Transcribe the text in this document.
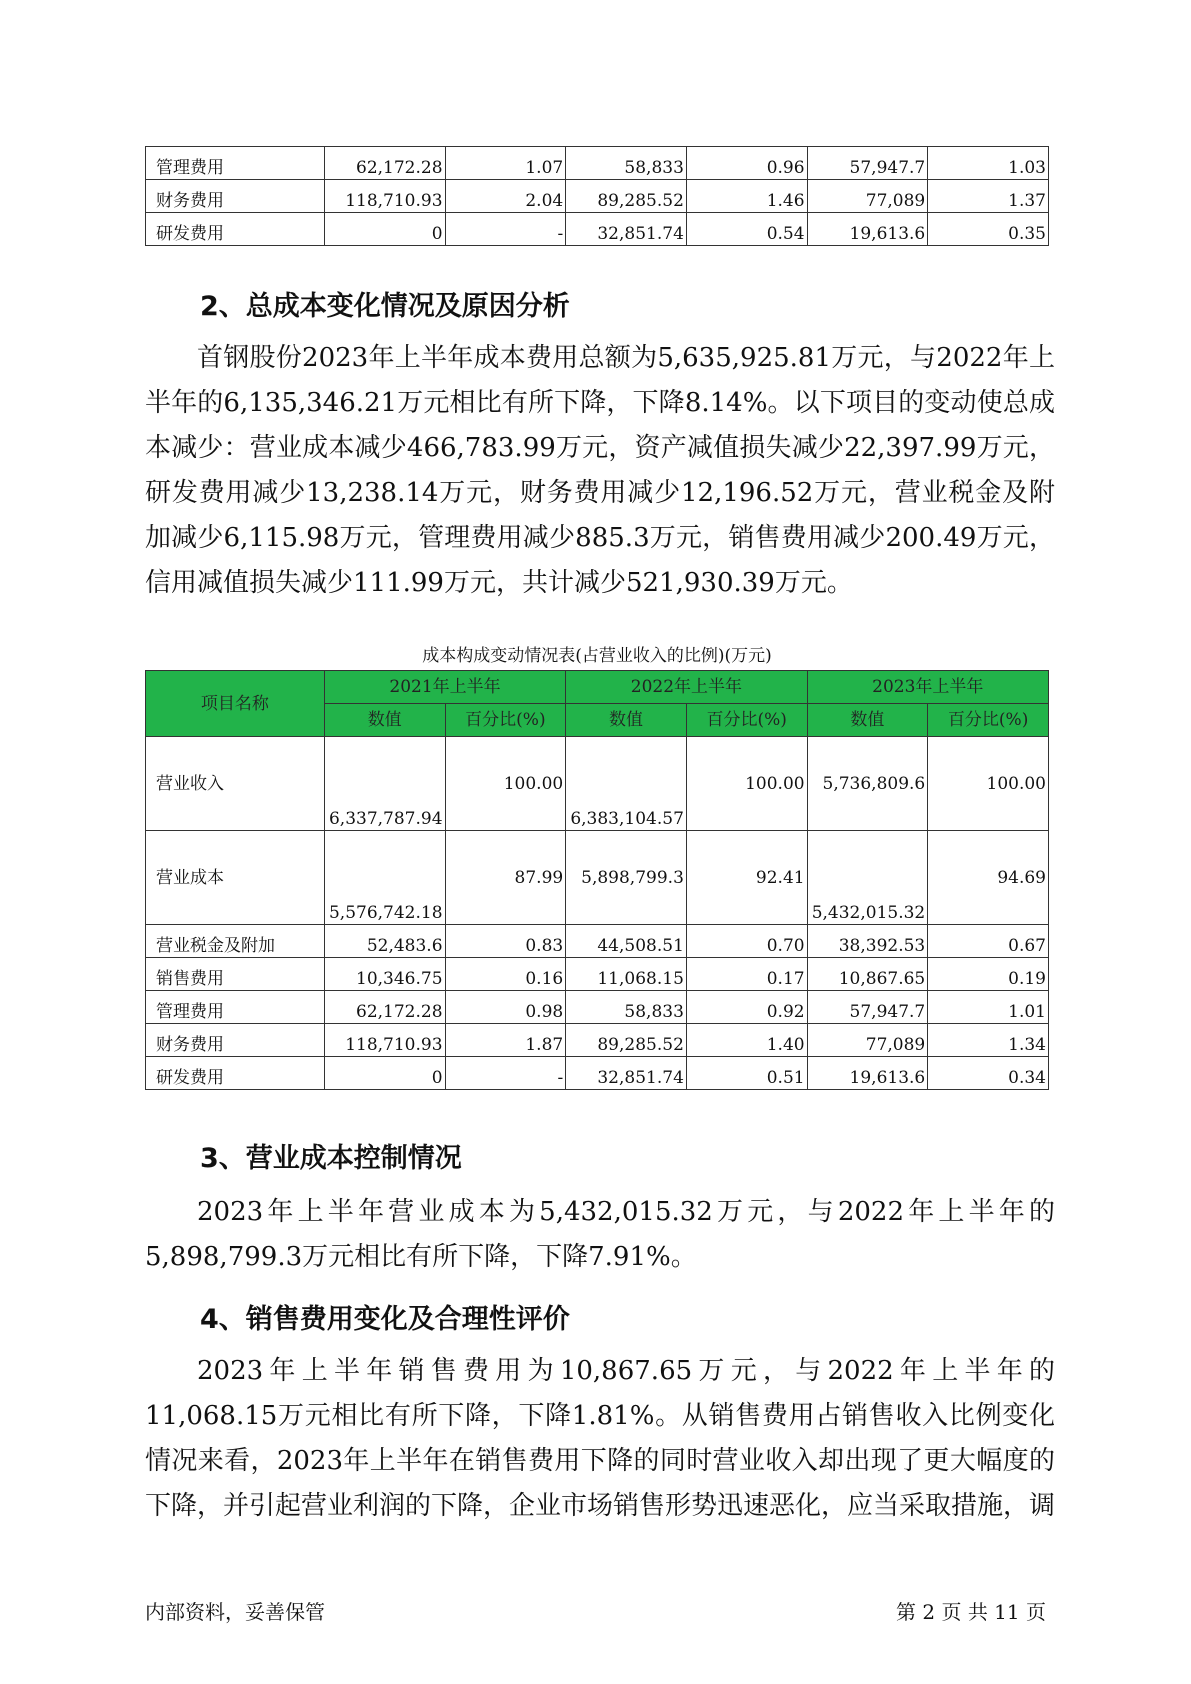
管理费用	62,172.28	1.07	58,833	0.96	57,947.7	1.03
财务费用	118,710.93	2.04	89,285.52	1.46	77,089	1.37
研发费用	0	-	32,851.74	0.54	19,613.6	0.35
2、总成本变化情况及原因分析

首钢股份2023年上半年成本费用总额为5,635,925.81万元，与2022年上半年的6,135,346.21万元相比有所下降，下降8.14%。以下项目的变动使总成本减少：营业成本减少466,783.99万元，资产减值损失减少22,397.99万元，研发费用减少13,238.14万元，财务费用减少12,196.52万元，营业税金及附加减少6,115.98万元，管理费用减少885.3万元，销售费用减少200.49万元，信用减值损失减少111.99万元，共计减少521,930.39万元。

成本构成变动情况表(占营业收入的比例)(万元)

项目名称	2021年上半年		2022年上半年		2023年上半年	
	数值	百分比(%)	数值	百分比(%)	数值	百分比(%)
营业收入	6,337,787.94	100.00	6,383,104.57	100.00	5,736,809.6	100.00
营业成本	5,576,742.18	87.99	5,898,799.3	92.41	5,432,015.32	94.69
营业税金及附加	52,483.6	0.83	44,508.51	0.70	38,392.53	0.67
销售费用	10,346.75	0.16	11,068.15	0.17	10,867.65	0.19
管理费用	62,172.28	0.98	58,833	0.92	57,947.7	1.01
财务费用	118,710.93	1.87	89,285.52	1.40	77,089	1.34
研发费用	0	-	32,851.74	0.51	19,613.6	0.34
3、营业成本控制情况

2023年上半年营业成本为5,432,015.32万元，与2022年上半年的5,898,799.3万元相比有所下降，下降7.91%。

4、销售费用变化及合理性评价

2023年上半年销售费用为10,867.65万元，与2022年上半年的11,068.15万元相比有所下降，下降1.81%。从销售费用占销售收入比例变化情况来看，2023年上半年在销售费用下降的同时营业收入却出现了更大幅度的下降，并引起营业利润的下降，企业市场销售形势迅速恶化，应当采取措施，调

内部资料，妥善保管	第 2 页 共 11 页
